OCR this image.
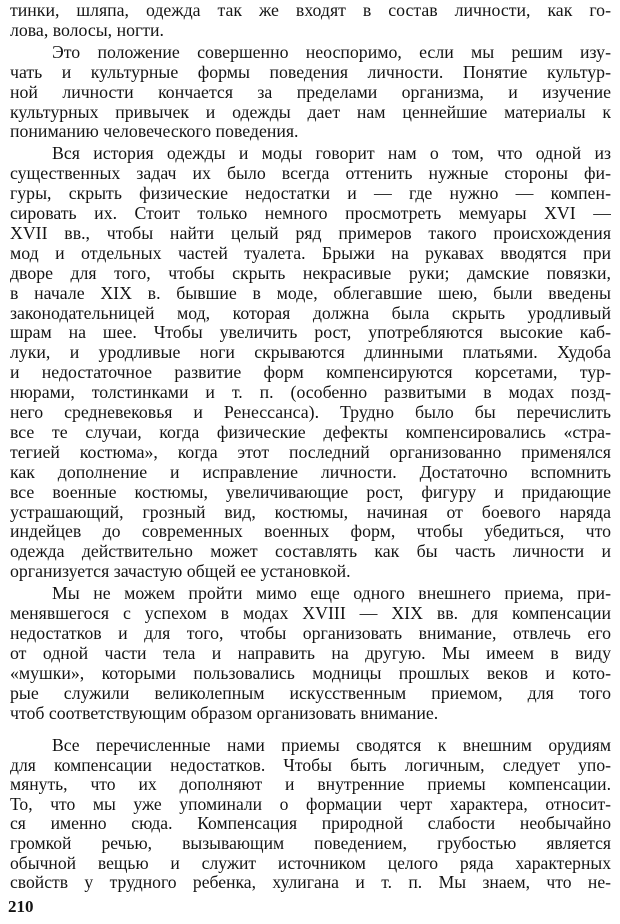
тинки, шляпа, одежда так же входят в состав личности, как го-
лова, волосы, ногти.
Это положение совершенно неоспоримо, если мы решим изу-
чать и культурные формы поведения личности. Понятие культур-
ной личности кончается за пределами организма, и изучение
культурных привычек и одежды дает нам ценнейшие материалы к
пониманию человеческого поведения.
Вся история одежды и моды говорит нам о том, что одной из
существенных задач их было всегда оттенить нужные стороны фи-
гуры, скрыть физические недостатки и — где нужно — компен-
сировать их. Стоит только немного просмотреть мемуары XVI —
XVII вв., чтобы найти целый ряд примеров такого происхождения
мод и отдельных частей туалета. Брыжи на рукавах вводятся при
дворе для того, чтобы скрыть некрасивые руки; дамские повязки,
в начале XIX в. бывшие в моде, облегавшие шею, были введены
законодательницей мод, которая должна была скрыть уродливый
шрам на шее. Чтобы увеличить рост, употребляются высокие каб-
луки, и уродливые ноги скрываются длинными платьями. Худоба
и недостаточное развитие форм компенсируются корсетами, тур-
нюрами, толстинками и т. п. (особенно развитыми в модах позд-
него средневековья и Ренессанса). Трудно было бы перечислить
все те случаи, когда физические дефекты компенсировались «стра-
тегией костюма», когда этот последний организованно применялся
как дополнение и исправление личности. Достаточно вспомнить
все военные костюмы, увеличивающие рост, фигуру и придающие
устрашающий, грозный вид, костюмы, начиная от боевого наряда
индейцев до современных военных форм, чтобы убедиться, что
одежда действительно может составлять как бы часть личности и
организуется зачастую общей ее установкой.
Мы не можем пройти мимо еще одного внешнего приема, при-
менявшегося с успехом в модах XVIII — XIX вв. для компенсации
недостатков и для того, чтобы организовать внимание, отвлечь его
от одной части тела и направить на другую. Мы имеем в виду
«мушки», которыми пользовались модницы прошлых веков и кото-
рые служили великолепным искусственным приемом, для того
чтоб соответствующим образом организовать внимание.
Все перечисленные нами приемы сводятся к внешним орудиям
для компенсации недостатков. Чтобы быть логичным, следует упо-
мянуть, что их дополняют и внутренние приемы компенсации.
То, что мы уже упоминали о формации черт характера, относит-
ся именно сюда. Компенсация природной слабости необычайно
громкой речью, вызывающим поведением, грубостью является
обычной вещью и служит источником целого ряда характерных
свойств у трудного ребенка, хулигана и т. п. Мы знаем, что не-
210
